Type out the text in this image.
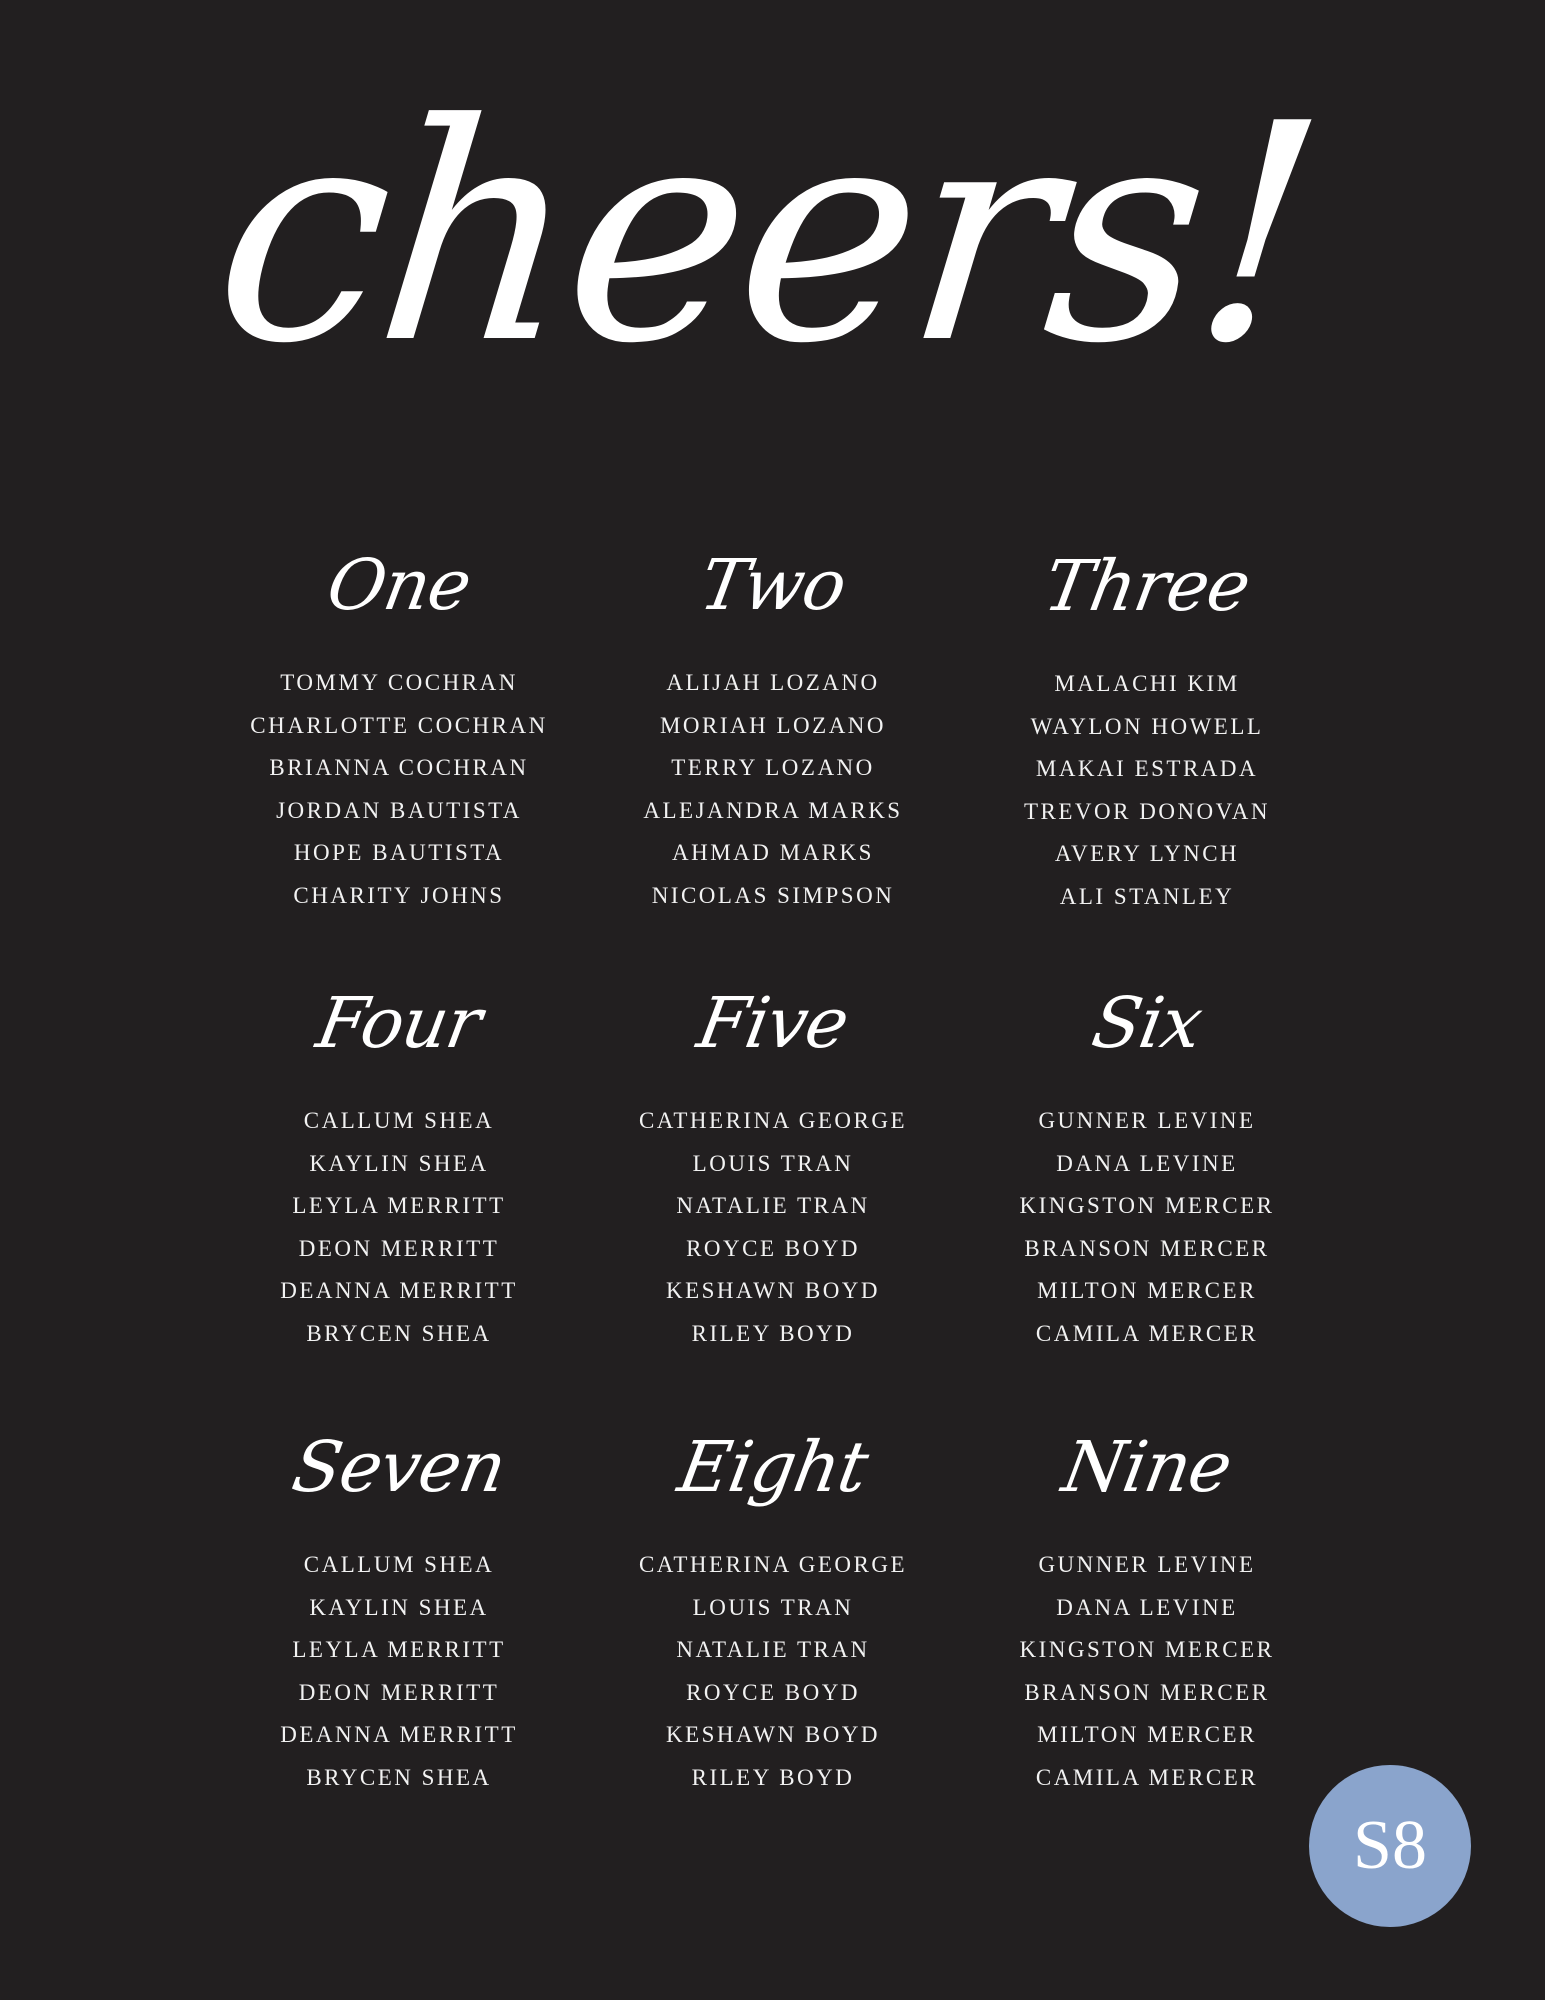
cheers!
One
TOMMY COCHRAN
CHARLOTTE COCHRAN
BRIANNA COCHRAN
JORDAN BAUTISTA
HOPE BAUTISTA
CHARITY JOHNS
Two
ALIJAH LOZANO
MORIAH LOZANO
TERRY LOZANO
ALEJANDRA MARKS
AHMAD MARKS
NICOLAS SIMPSON
Three
MALACHI KIM
WAYLON HOWELL
MAKAI ESTRADA
TREVOR DONOVAN
AVERY LYNCH
ALI STANLEY
Four
CALLUM SHEA
KAYLIN SHEA
LEYLA MERRITT
DEON MERRITT
DEANNA MERRITT
BRYCEN SHEA
Five
CATHERINA GEORGE
LOUIS TRAN
NATALIE TRAN
ROYCE BOYD
KESHAWN BOYD
RILEY BOYD
Six
GUNNER LEVINE
DANA LEVINE
KINGSTON MERCER
BRANSON MERCER
MILTON MERCER
CAMILA MERCER
Seven
CALLUM SHEA
KAYLIN SHEA
LEYLA MERRITT
DEON MERRITT
DEANNA MERRITT
BRYCEN SHEA
Eight
CATHERINA GEORGE
LOUIS TRAN
NATALIE TRAN
ROYCE BOYD
KESHAWN BOYD
RILEY BOYD
Nine
GUNNER LEVINE
DANA LEVINE
KINGSTON MERCER
BRANSON MERCER
MILTON MERCER
CAMILA MERCER
S8
